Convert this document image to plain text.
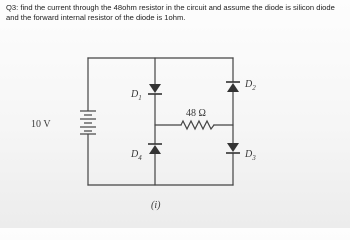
Q3: find the current through the 48ohm resistor in the circuit and assume the diode is silicon diode and the forward internal resistor of the diode is 1ohm.

10 V
48 Ω
$D_1$
$D_2$
$D_3$
$D_4$
(i)
